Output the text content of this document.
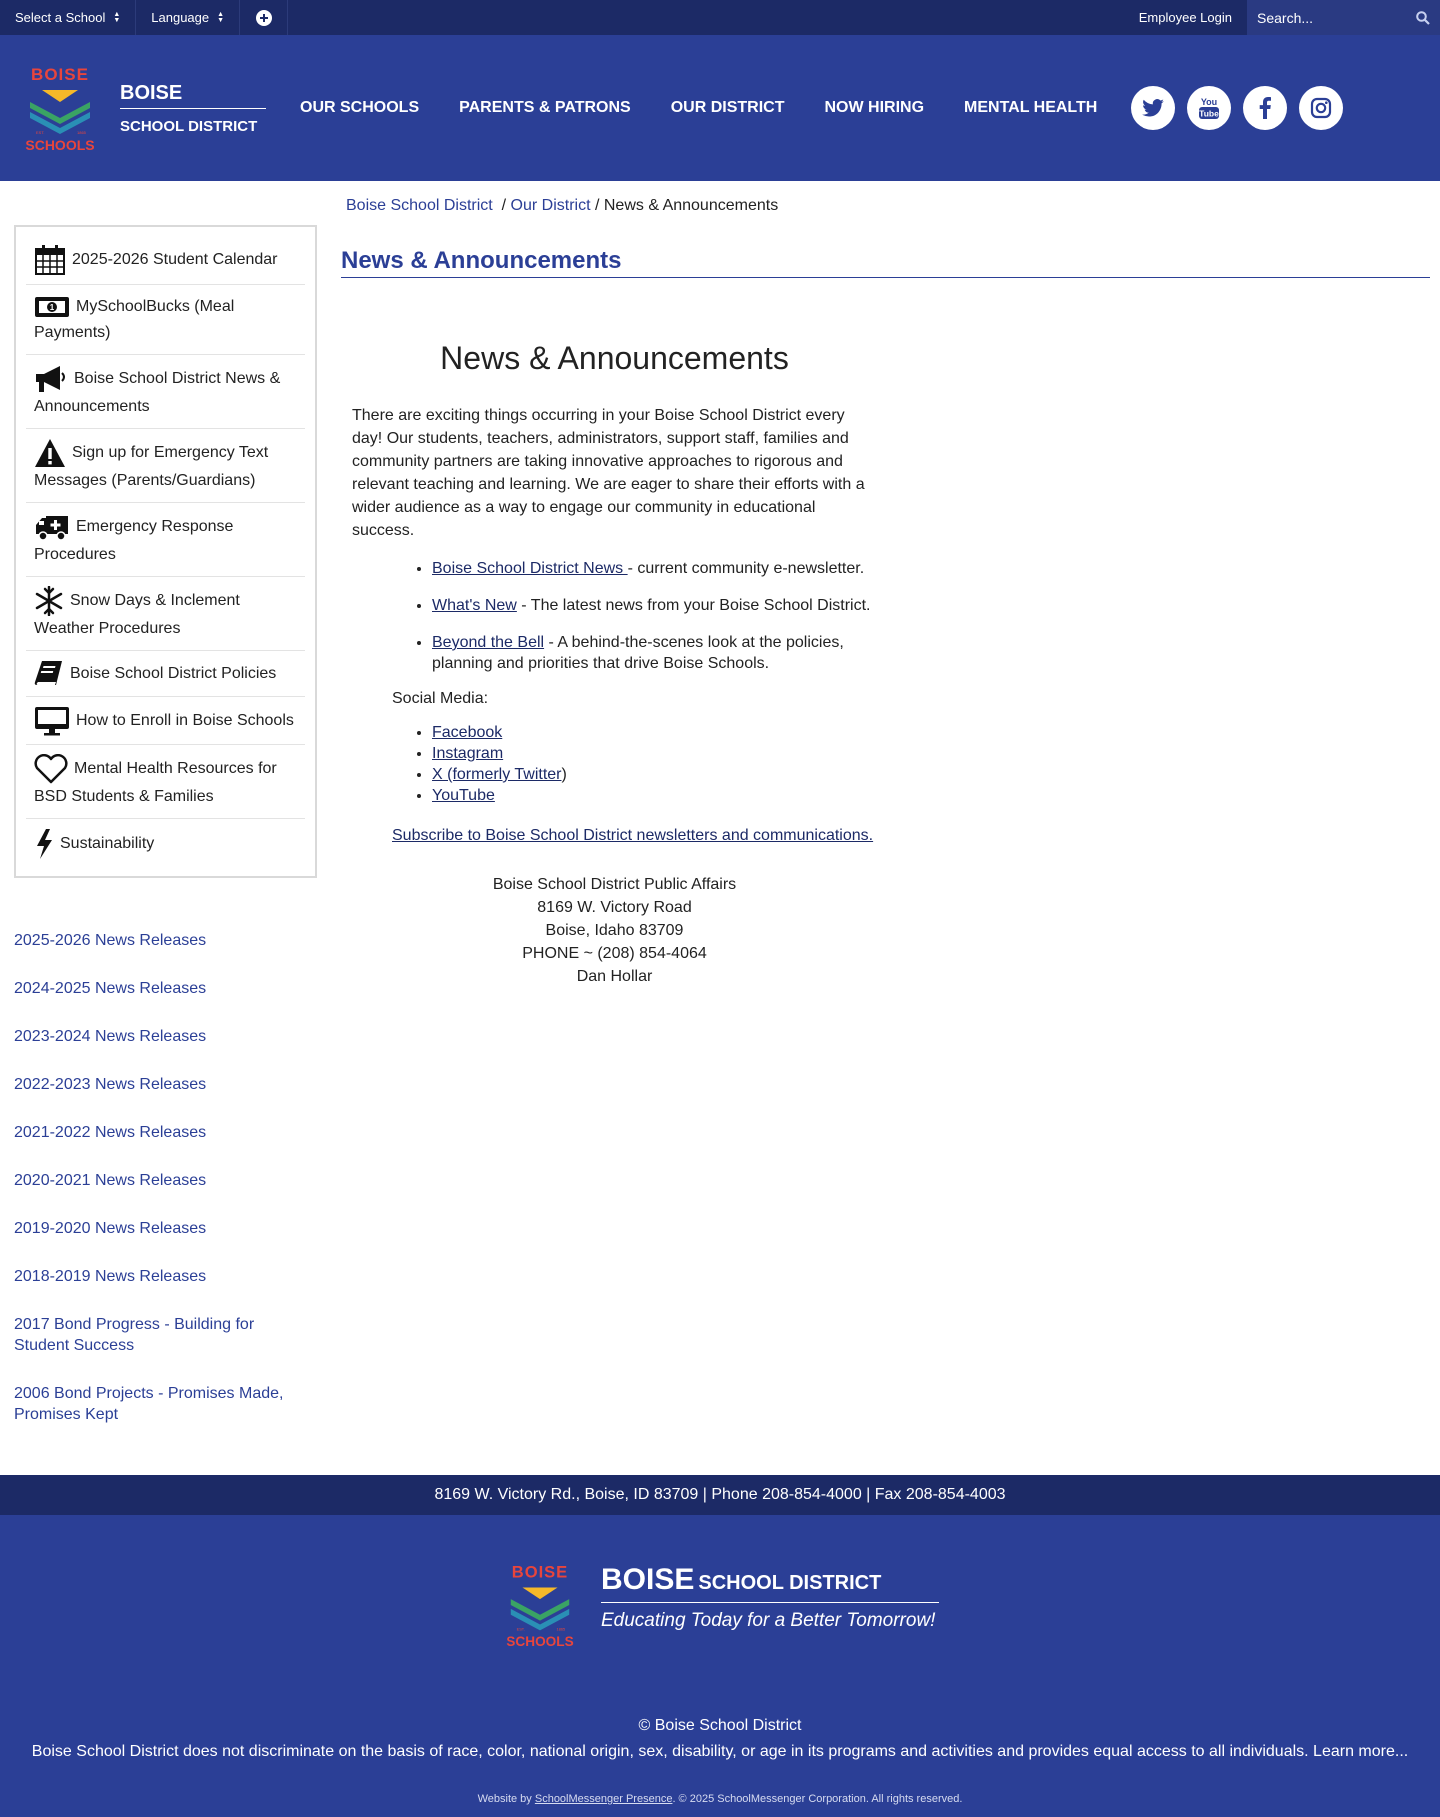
Select a School ▲
▼ Language ▲
▼	Employee Login
Search...
BOISE
EST.	1865
SCHOOLS
BOISE
SCHOOL DISTRICT
OUR SCHOOLS	PARENTS & PATRONS	OUR DISTRICT	NOW HIRING	MENTAL HEALTH	You
Tube
2025-2026 Student Calendar
1 MySchoolBucks (Meal Payments)
Boise School District News & Announcements
Sign up for Emergency Text Messages (Parents/Guardians)
Emergency Response Procedures
Snow Days & Inclement Weather Procedures
Boise School District Policies
How to Enroll in Boise Schools
Mental Health Resources for BSD Students & Families
Sustainability
2025-2026 News Releases
2024-2025 News Releases
2023-2024 News Releases
2022-2023 News Releases
2021-2022 News Releases
2020-2021 News Releases
2019-2020 News Releases
2018-2019 News Releases
2017 Bond Progress - Building for Student Success
2006 Bond Projects - Promises Made, Promises Kept
Boise School District / Our District / News & Announcements
News & Announcements
News & Announcements

There are exciting things occurring in your Boise School District every day! Our students, teachers, administrators, support staff, families and community partners are taking innovative approaches to rigorous and relevant teaching and learning. We are eager to share their efforts with a wider audience as a way to engage our community in educational success.

• Boise School District News - current community e-newsletter.
• What's New - The latest news from your Boise School District.
• Beyond the Bell - A behind-the-scenes look at the policies, planning and priorities that drive Boise Schools.
Social Media:
• Facebook
• Instagram
• X (formerly Twitter)
• YouTube
Subscribe to Boise School District newsletters and communications.
Boise School District Public Affairs
8169 W. Victory Road
Boise, Idaho 83709
PHONE ~ (208) 854-4064
Dan Hollar
8169 W. Victory Rd., Boise, ID 83709 | Phone 208-854-4000 | Fax 208-854-4003
BOISE
EST.	1865
SCHOOLS
BOISE SCHOOL DISTRICT
Educating Today for a Better Tomorrow!
© Boise School District
Boise School District does not discriminate on the basis of race, color, national origin, sex, disability, or age in its programs and activities and provides equal access to all individuals. Learn more...
Website by SchoolMessenger Presence. © 2025 SchoolMessenger Corporation. All rights reserved.
